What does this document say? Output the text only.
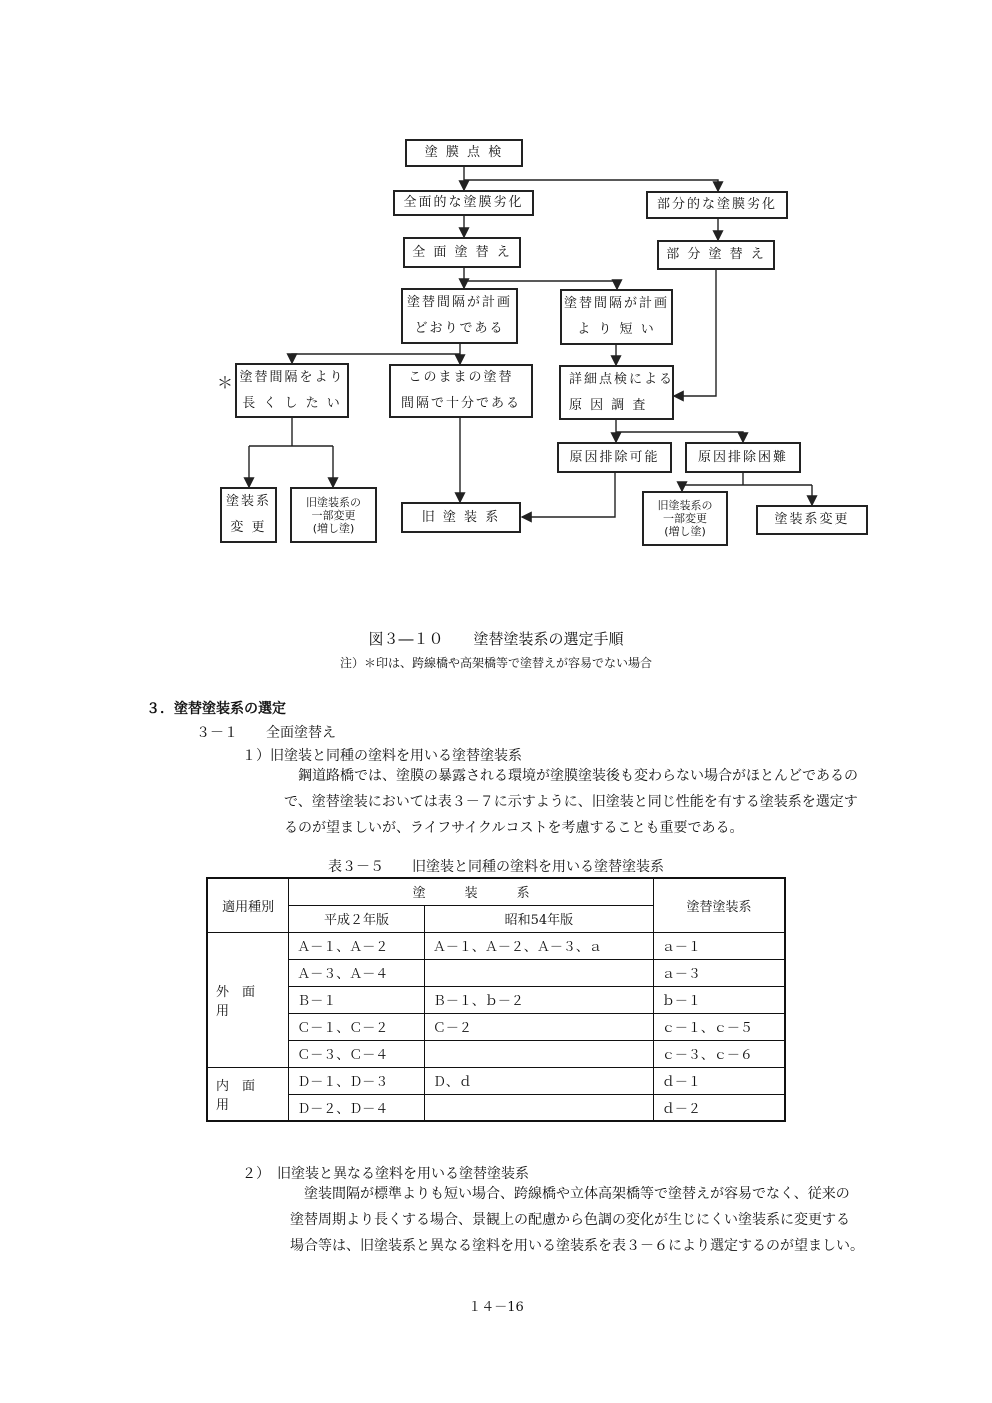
塗 膜 点 検
全面的な塗膜劣化	部分的な塗膜劣化
全 面 塗 替 え	部 分 塗 替 え
塗替間隔が計画
どおりである
塗替間隔が計画
よ り 短 い
＊ 塗替間隔をより
長 く し た い
このままの塗替
間隔で十分である
詳細点検による
原 因 調 査
原因排除可能	原因排除困難
塗装系
変 更
旧塗装系の
一部変更
(増し塗)
旧 塗 装 系
旧塗装系の
一部変更
(増し塗)
塗装系変更
図３―１０　　塗替塗装系の選定手順
注）＊印は、跨線橋や高架橋等で塗替えが容易でない場合
３．塗替塗装系の選定
３－１　　全面塗替え
１）旧塗装と同種の塗料を用いる塗替塗装系
　鋼道路橋では、塗膜の暴露される環境が塗膜塗装後も変わらない場合がほとんどであるの
で、塗替塗装においては表３－７に示すように、旧塗装と同じ性能を有する塗装系を選定す
るのが望ましいが、ライフサイクルコストを考慮することも重要である。
表３－５　　旧塗装と同種の塗料を用いる塗替塗装系
適用種別	塗　　　装　　　系		塗替塗装系
	平成２年版	昭和54年版	
外　面　用	Ａ－１、Ａ－２	Ａ－１、Ａ－２、Ａ－３、ａ	ａ－１
	Ａ－３、Ａ－４		ａ－３
	Ｂ－１	Ｂ－１、ｂ－２	ｂ－１
	Ｃ－１、Ｃ－２	Ｃ－２	ｃ－１、ｃ－５
	Ｃ－３、Ｃ－４		ｃ－３、ｃ－６
内　面　用	Ｄ－１、Ｄ－３	Ｄ、ｄ	ｄ－１
	Ｄ－２、Ｄ－４		ｄ－２
２）　旧塗装と異なる塗料を用いる塗替塗装系
　塗装間隔が標準よりも短い場合、跨線橋や立体高架橋等で塗替えが容易でなく、従来の
塗替周期より長くする場合、景観上の配慮から色調の変化が生じにくい塗装系に変更する
場合等は、旧塗装系と異なる塗料を用いる塗装系を表３－６により選定するのが望ましい。
１４－16
